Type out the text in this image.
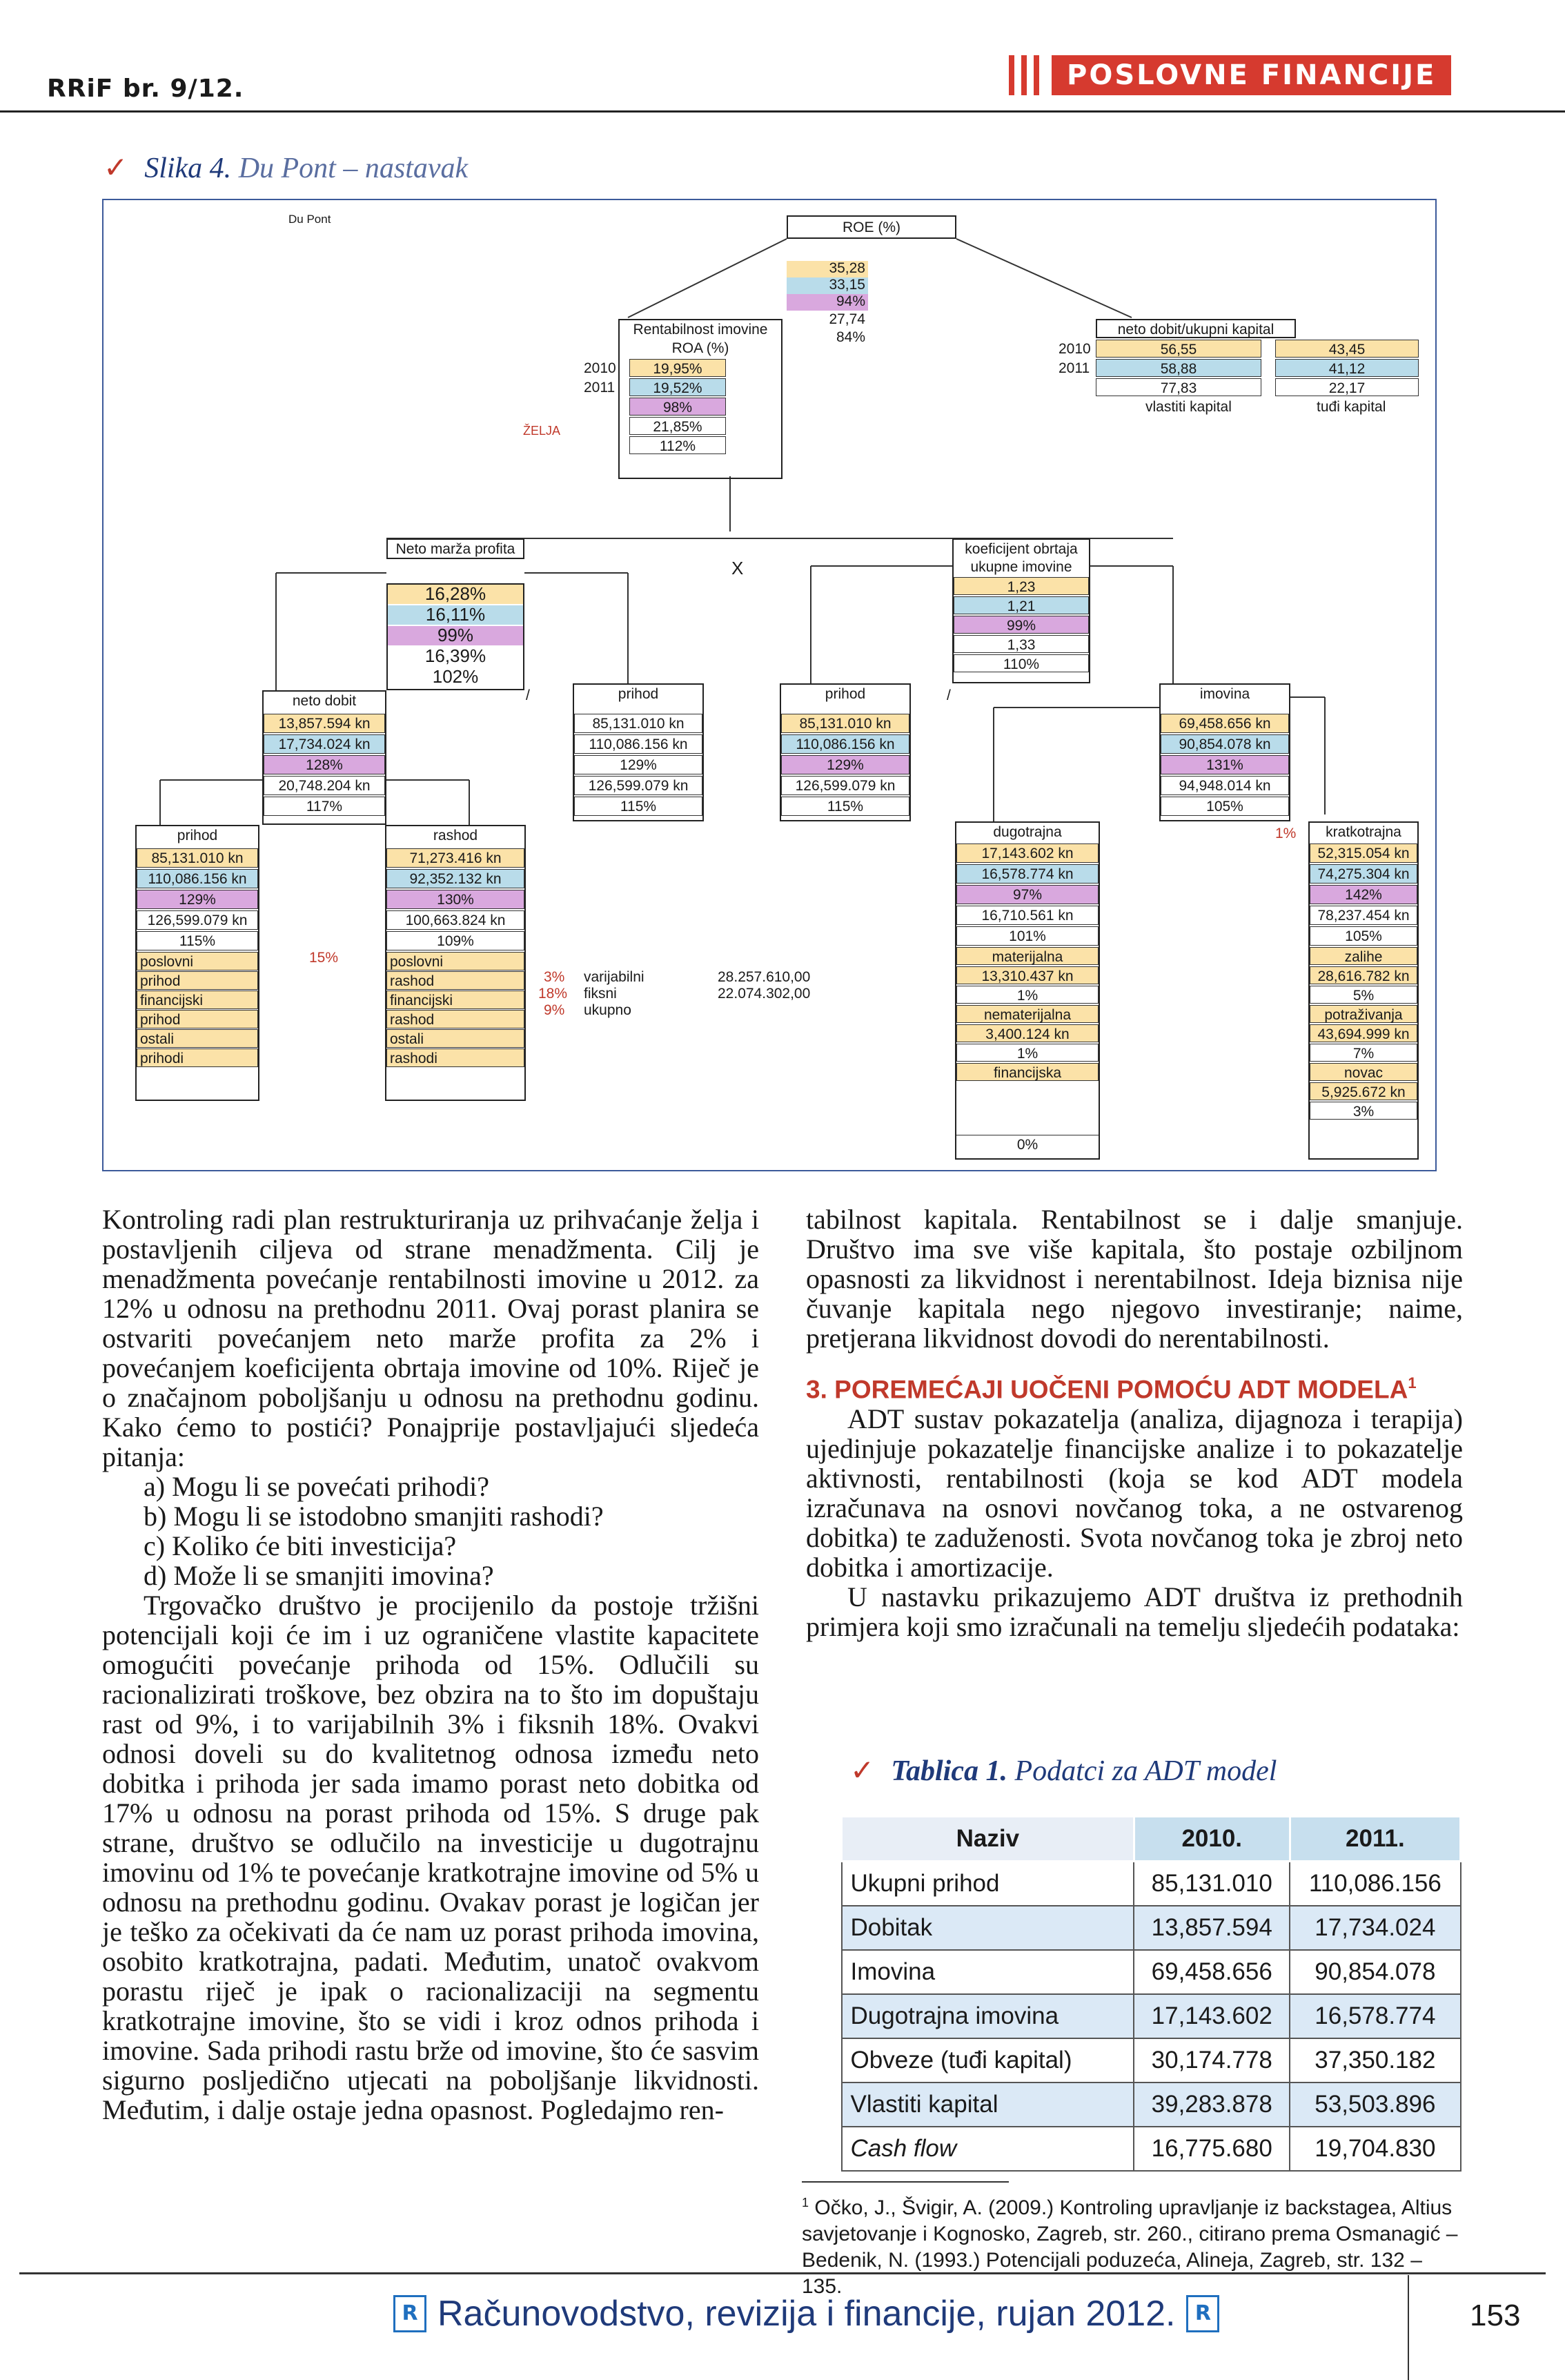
RRiF br. 9/12.	POSLOVNE FINANCIJE
✓ Slika 4. Du Pont – nastavak
Du Pont
ROE (%)
35,28
33,15
94%
27,74
84%
Rentabilnost imovine
ROA (%)
19,95%
19,52%
98%
21,85%
112%
2010
2011
ŽELJA
neto dobit/ukupni kapital
56,55
58,88
77,83
43,45
41,12
22,17
2010
2011
vlastiti kapital	tuđi kapital
Neto marža profita
16,28%
16,11%
99%
16,39%
102%
X
/	/
koeficijent obrtaja
ukupne imovine
1,23
1,21
99%
1,33
110%
neto dobit
13,857.594 kn
17,734.024 kn
128%
20,748.204 kn
117%
prihod
85,131.010 kn
110,086.156 kn
129%
126,599.079 kn
115%
prihod
85,131.010 kn
110,086.156 kn
129%
126,599.079 kn
115%
imovina
69,458.656 kn
90,854.078 kn
131%
94,948.014 kn
105%
prihod
85,131.010 kn
110,086.156 kn
129%
126,599.079 kn
115%
poslovni
prihod
financijski
prihod
ostali
prihodi
15%
rashod
71,273.416 kn
92,352.132 kn
130%
100,663.824 kn
109%
poslovni
rashod
financijski
rashod
ostali
rashodi
3%
18%
9%
varijabilni
fiksni
ukupno
28.257.610,00
22.074.302,00
dugotrajna
17,143.602 kn
16,578.774 kn
97%
16,710.561 kn
101%
materijalna
13,310.437 kn
1%
nematerijalna
3,400.124 kn
1%
financijska
0%
1%	kratkotrajna
52,315.054 kn
74,275.304 kn
142%
78,237.454 kn
105%
zalihe
28,616.782 kn
5%
potraživanja
43,694.999 kn
7%
novac
5,925.672 kn
3%

Kontroling radi plan restrukturiranja uz prihvaćanje želja i postavljenih ciljeva od strane menadžmenta. Cilj je menadžmenta povećanje rentabilnosti imovine u 2012. za 12% u odnosu na prethodnu 2011. Ovaj porast planira se ostvariti povećanjem neto marže profita za 2% i povećanjem koeficijenta obrtaja imovine od 10%. Riječ je o značajnom poboljšanju u odnosu na prethodnu godinu. Kako ćemo to postići? Ponajprije postavljajući sljedeća pitanja:

a) Mogu li se povećati prihodi?

b) Mogu li se istodobno smanjiti rashodi?

c) Koliko će biti investicija?

d) Može li se smanjiti imovina?

Trgovačko društvo je procijenilo da postoje tržišni potencijali koji će im i uz ograničene vlastite kapacitete omogućiti povećanje prihoda od 15%. Odlučili su racionalizirati troškove, bez obzira na to što im dopuštaju rast od 9%, i to varijabilnih 3% i fiksnih 18%. Ovakvi odnosi doveli su do kvalitetnog odnosa između neto dobitka i prihoda jer sada imamo porast neto dobitka od 17% u odnosu na porast prihoda od 15%. S druge pak strane, društvo se odlučilo na investicije u dugotrajnu imovinu od 1% te povećanje kratkotrajne imovine od 5% u odnosu na prethodnu godinu. Ovakav porast je logičan jer je teško za očekivati da će nam uz porast prihoda imovina, osobito kratkotrajna, padati. Međutim, unatoč ovakvom porastu riječ je ipak o racionalizaciji na segmentu kratkotrajne imovine, što se vidi i kroz odnos prihoda i imovine. Sada prihodi rastu brže od imovine, što će sasvim sigurno posljedično utjecati na poboljšanje likvidnosti. Međutim, i dalje ostaje jedna opasnost. Pogledajmo ren-

tabilnost kapitala. Rentabilnost se i dalje smanjuje. Društvo ima sve više kapitala, što postaje ozbiljnom opasnosti za likvidnost i nerentabilnost. Ideja biznisa nije čuvanje kapitala nego njegovo investiranje; naime, pretjerana likvidnost dovodi do nerentabilnosti.

3. POREMEĆAJI UOČENI POMOĆU ADT MODELA$^1$

ADT sustav pokazatelja (analiza, dijagnoza i terapija) ujedinjuje pokazatelje financijske analize i to pokazatelje aktivnosti, rentabilnosti (koja se kod ADT modela izračunava na osnovi novčanog toka, a ne ostvarenog dobitka) te zaduženosti. Svota novčanog toka je zbroj neto dobitka i amortizacije.

U nastavku prikazujemo ADT društva iz prethodnih primjera koji smo izračunali na temelju sljedećih podataka:

✓ Tablica 1. Podatci za ADT model
Naziv	2010.	2011.
Ukupni prihod	85,131.010	110,086.156
Dobitak	13,857.594	17,734.024
Imovina	69,458.656	90,854.078
Dugotrajna imovina	17,143.602	16,578.774
Obveze (tuđi kapital)	30,174.778	37,350.182
Vlastiti kapital	39,283.878	53,503.896
Cash flow	16,775.680	19,704.830
$^1$ Očko, J., Švigir, A. (2009.) Kontroling upravljanje iz backstagea, Altius savjetovanje i Kognosko, Zagreb, str. 260., citirano prema Osmanagić – Bedenik, N. (1993.) Potencijali poduzeća, Alineja, Zagreb, str. 132 – 135.
R Računovodstvo, revizija i financije, rujan 2012. R	153
